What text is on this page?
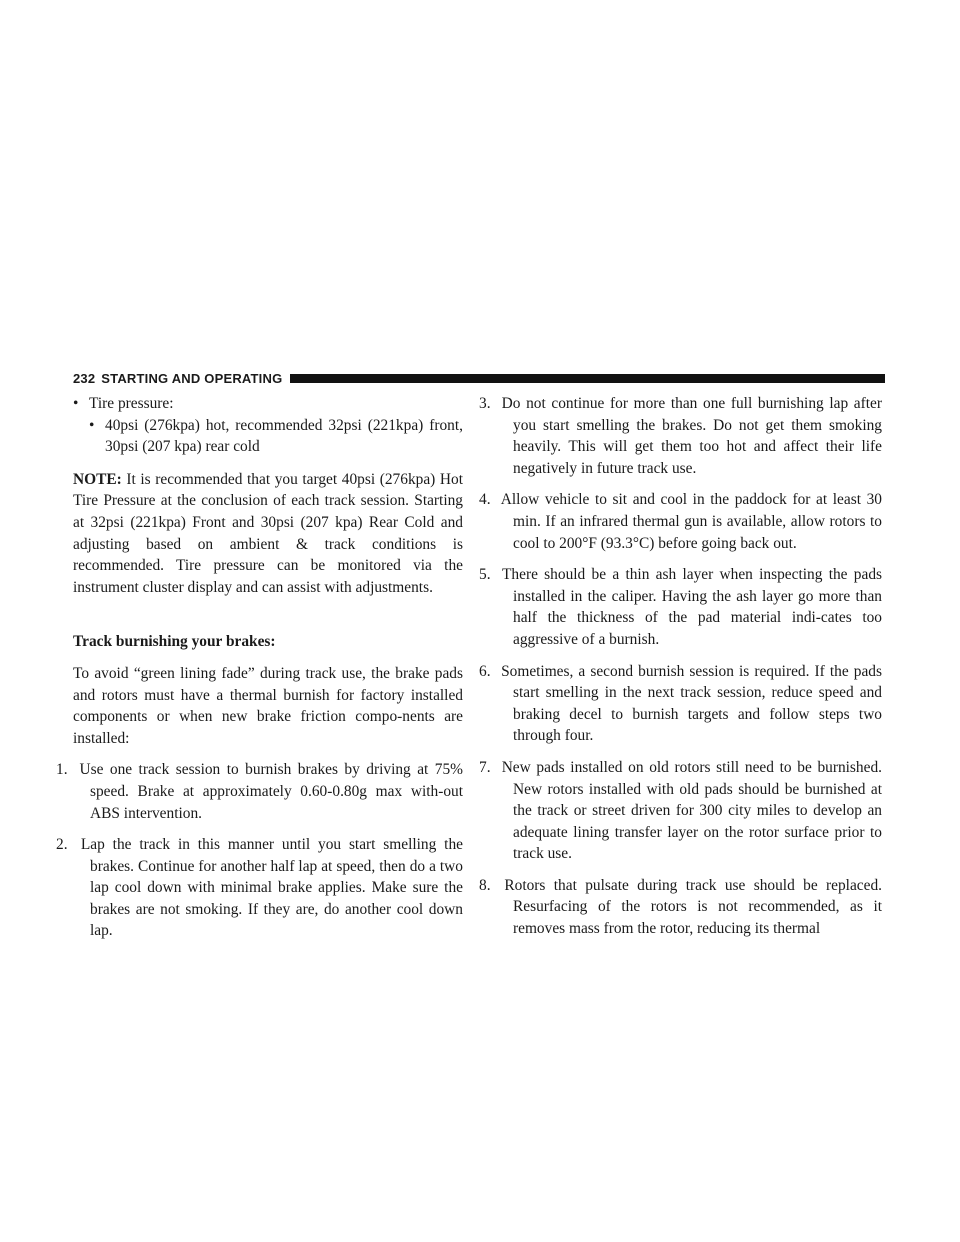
232 STARTING AND OPERATING
• Tire pressure:
• 40psi (276kpa) hot, recommended 32psi (221kpa) front, 30psi (207 kpa) rear cold

NOTE: It is recommended that you target 40psi (276kpa) Hot Tire Pressure at the conclusion of each track session. Starting at 32psi (221kpa) Front and 30psi (207 kpa) Rear Cold and adjusting based on ambient & track conditions is recommended. Tire pressure can be monitored via the instrument cluster display and can assist with adjustments.

Track burnishing your brakes:

To avoid “green lining fade” during track use, the brake pads and rotors must have a thermal burnish for factory installed components or when new brake friction compo-nents are installed:

1.  Use one track session to burnish brakes by driving at 75% speed. Brake at approximately 0.60-0.80g max with-out ABS intervention.
2.  Lap the track in this manner until you start smelling the brakes. Continue for another half lap at speed, then do a two lap cool down with minimal brake applies. Make sure the brakes are not smoking. If they are, do another cool down lap.
3.  Do not continue for more than one full burnishing lap after you start smelling the brakes. Do not get them smoking heavily. This will get them too hot and affect their life negatively in future track use.
4.  Allow vehicle to sit and cool in the paddock for at least 30 min. If an infrared thermal gun is available, allow rotors to cool to 200°F (93.3°C) before going back out.
5.  There should be a thin ash layer when inspecting the pads installed in the caliper. Having the ash layer go more than half the thickness of the pad material indi-cates too aggressive of a burnish.
6.  Sometimes, a second burnish session is required. If the pads start smelling in the next track session, reduce speed and braking decel to burnish targets and follow steps two through four.
7.  New pads installed on old rotors still need to be burnished. New rotors installed with old pads should be burnished at the track or street driven for 300 city miles to develop an adequate lining transfer layer on the rotor surface prior to track use.
8.  Rotors that pulsate during track use should be replaced. Resurfacing of the rotors is not recommended, as it removes mass from the rotor, reducing its thermal
